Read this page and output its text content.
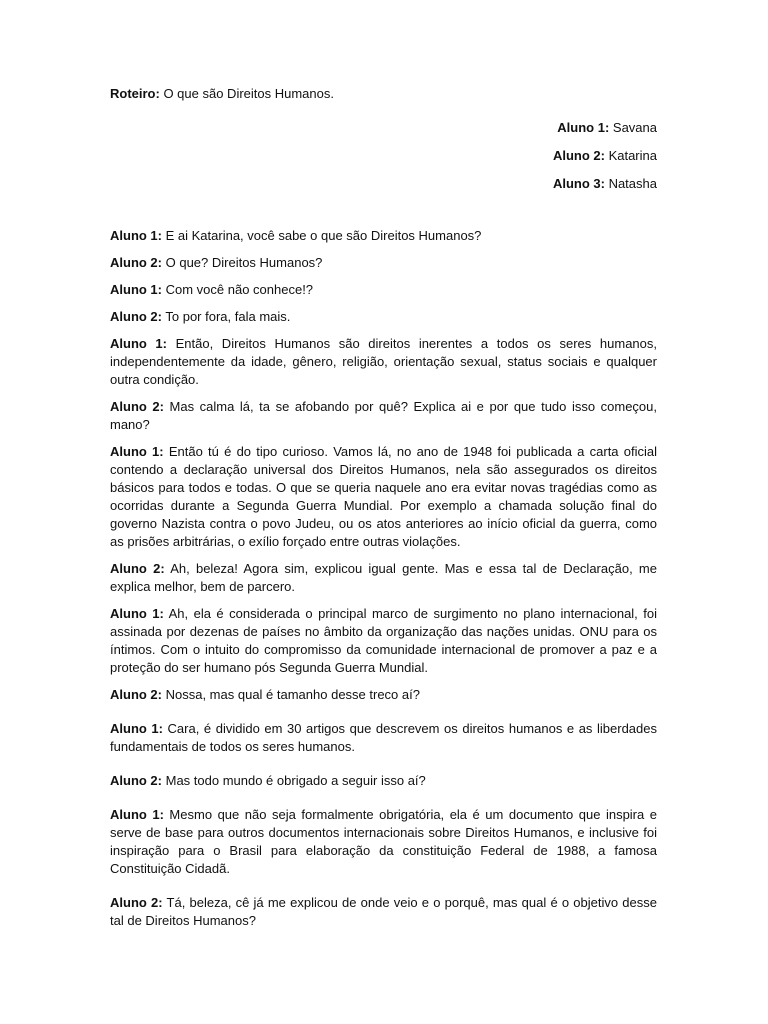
Roteiro: O que são Direitos Humanos.

Aluno 1: Savana

Aluno 2: Katarina

Aluno 3: Natasha

Aluno 1: E ai Katarina, você sabe o que são Direitos Humanos?

Aluno 2: O que? Direitos Humanos?

Aluno 1: Com você não conhece!?

Aluno 2: To por fora, fala mais.

Aluno 1: Então, Direitos Humanos são direitos inerentes a todos os seres humanos, independentemente da idade, gênero, religião, orientação sexual, status sociais e qualquer outra condição.

Aluno 2: Mas calma lá, ta se afobando por quê? Explica ai e por que tudo isso começou, mano?

Aluno 1: Então tú é do tipo curioso. Vamos lá, no ano de 1948 foi publicada a carta oficial contendo a declaração universal dos Direitos Humanos, nela são assegurados os direitos básicos para todos e todas. O que se queria naquele ano era evitar novas tragédias como as ocorridas durante a Segunda Guerra Mundial. Por exemplo a chamada solução final do governo Nazista contra o povo Judeu, ou os atos anteriores ao início oficial da guerra, como as prisões arbitrárias, o exílio forçado entre outras violações.

Aluno 2: Ah, beleza! Agora sim, explicou igual gente. Mas e essa tal de Declaração, me explica melhor, bem de parcero.

Aluno 1: Ah, ela é considerada o principal marco de surgimento no plano internacional, foi assinada por dezenas de países no âmbito da organização das nações unidas. ONU para os íntimos. Com o intuito do compromisso da comunidade internacional de promover a paz e a proteção do ser humano pós Segunda Guerra Mundial.

Aluno 2: Nossa, mas qual é tamanho desse treco aí?

Aluno 1: Cara, é dividido em 30 artigos que descrevem os direitos humanos e as liberdades fundamentais de todos os seres humanos.

Aluno 2: Mas todo mundo é obrigado a seguir isso aí?

Aluno 1: Mesmo que não seja formalmente obrigatória, ela é um documento que inspira e serve de base para outros documentos internacionais sobre Direitos Humanos, e inclusive foi inspiração para o Brasil para elaboração da constituição Federal de 1988, a famosa Constituição Cidadã.

Aluno 2: Tá, beleza, cê já me explicou de onde veio e o porquê, mas qual é o objetivo desse tal de Direitos Humanos?
